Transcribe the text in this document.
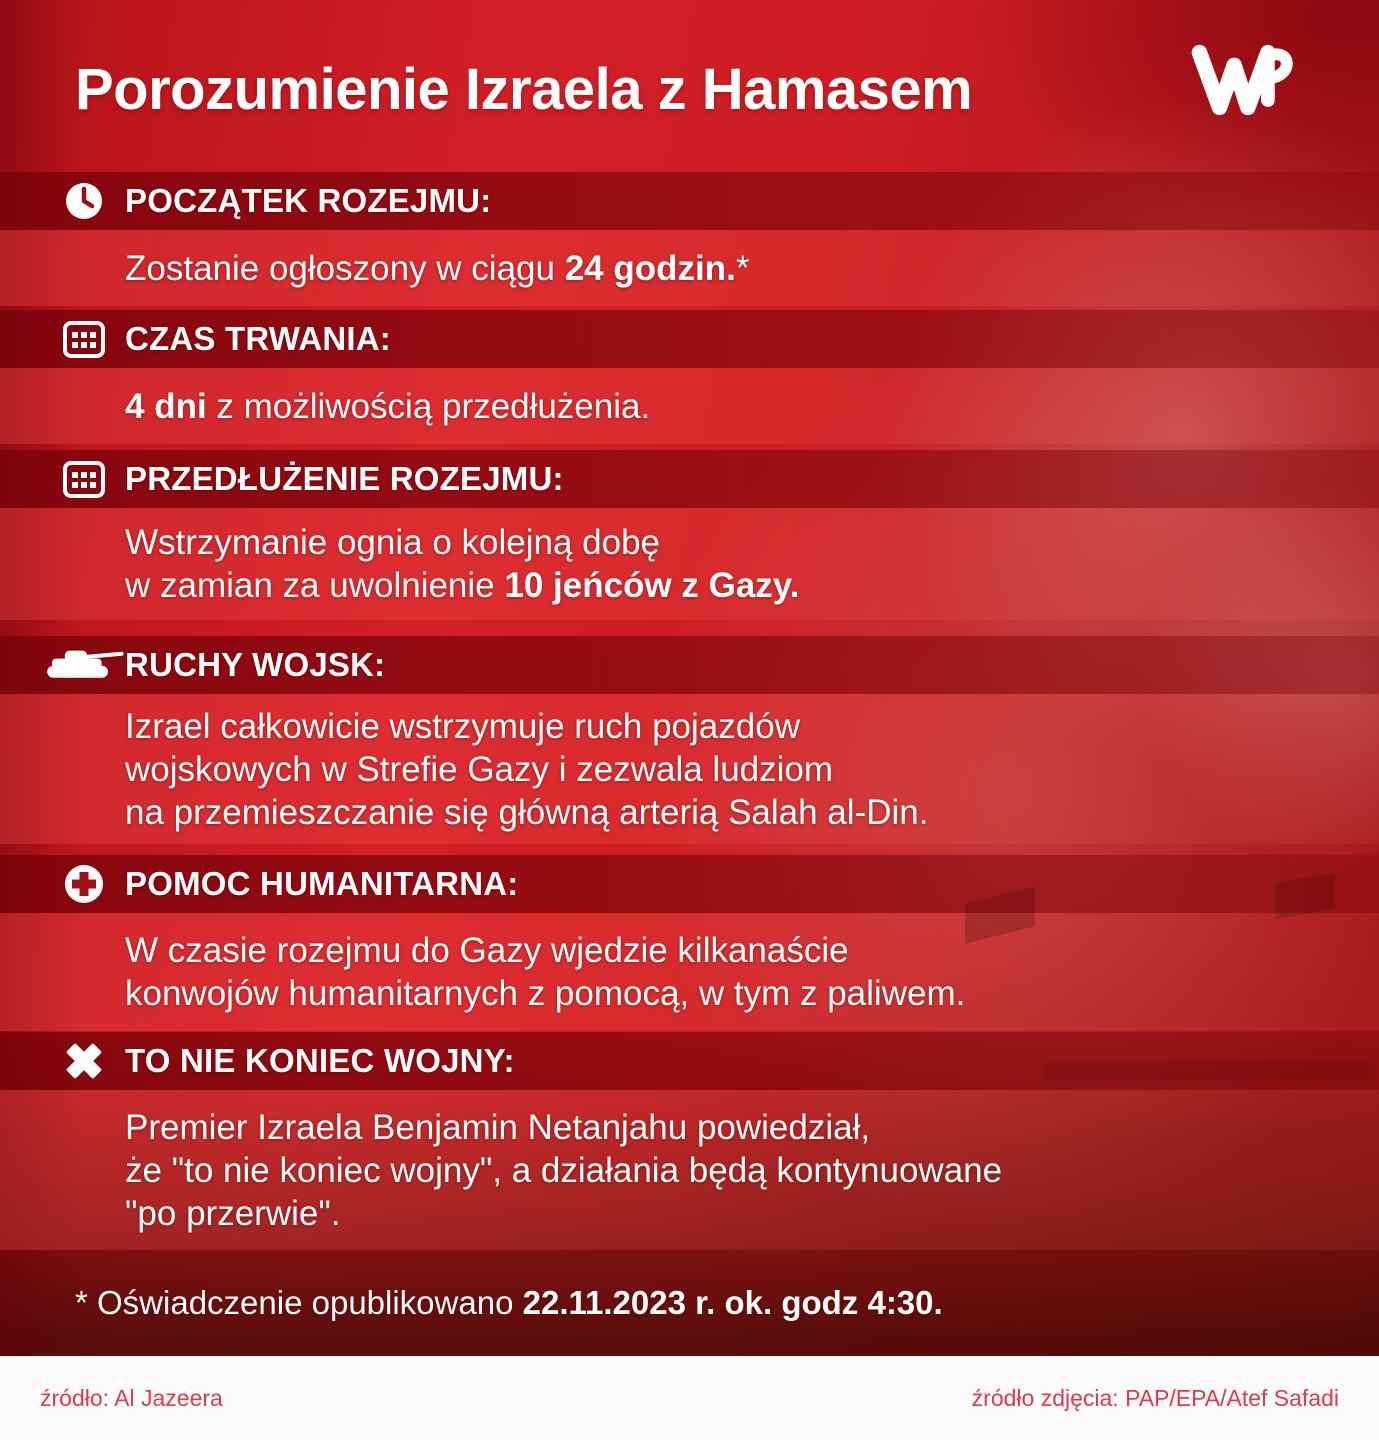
Porozumienie Izraela z Hamasem
POCZĄTEK ROZEJMU:

Zostanie ogłoszony w ciągu 24 godzin.*

CZAS TRWANIA:

4 dni z możliwością przedłużenia.

PRZEDŁUŻENIE ROZEJMU:

Wstrzymanie ognia o kolejną dobę
w zamian za uwolnienie 10 jeńców z Gazy.

RUCHY WOJSK:

Izrael całkowicie wstrzymuje ruch pojazdów
wojskowych w Strefie Gazy i zezwala ludziom
na przemieszczanie się główną arterią Salah al-Din.

POMOC HUMANITARNA:

W czasie rozejmu do Gazy wjedzie kilkanaście
konwojów humanitarnych z pomocą, w tym z paliwem.

TO NIE KONIEC WOJNY:

Premier Izraela Benjamin Netanjahu powiedział,
że "to nie koniec wojny", a działania będą kontynuowane
"po przerwie".

* Oświadczenie opublikowano 22.11.2023 r. ok. godz 4:30.

źródło: Al Jazeera	źródło zdjęcia: PAP/EPA/Atef Safadi
